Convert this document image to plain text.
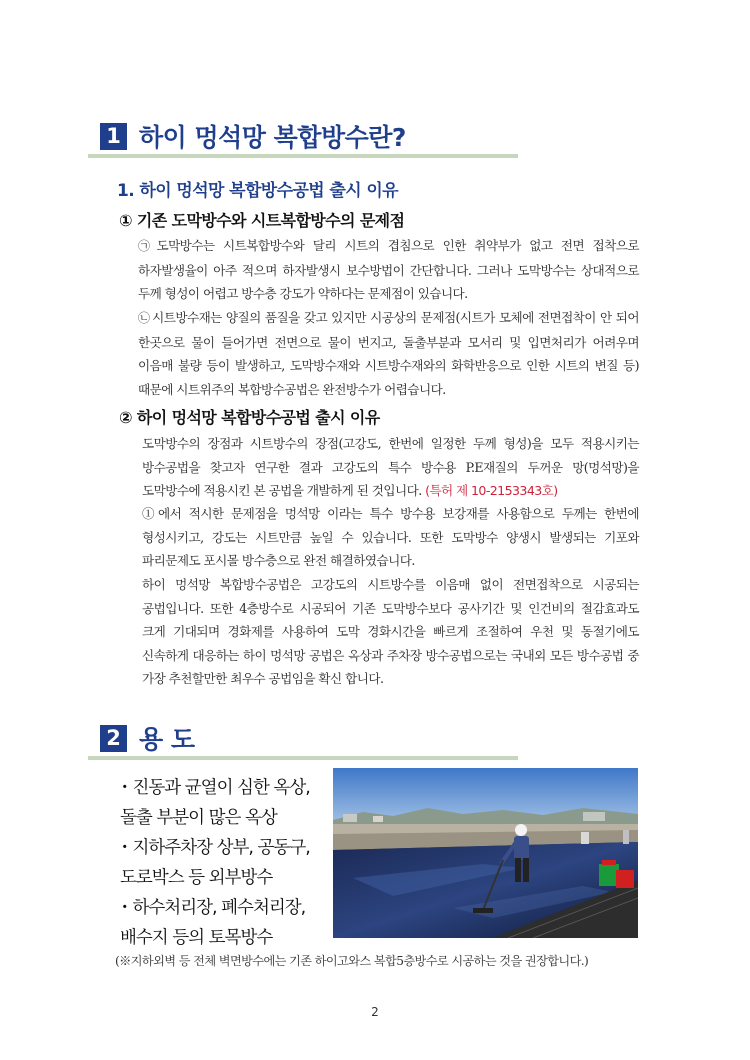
1 하이 멍석망 복합방수란?
1. 하이 멍석망 복합방수공법 출시 이유
① 기존 도막방수와 시트복합방수의 문제점
㉠ 도막방수는 시트복합방수와 달리 시트의 겹침으로 인한 취약부가 없고 전면 접착으로 하자발생율이 아주 적으며 하자발생시 보수방법이 간단합니다. 그러나 도막방수는 상대적으로 두께 형성이 어렵고 방수층 강도가 약하다는 문제점이 있습니다.
㉡ 시트방수재는 양질의 품질을 갖고 있지만 시공상의 문제점(시트가 모체에 전면접착이 안 되어 한곳으로 물이 들어가면 전면으로 물이 번지고, 돌출부분과 모서리 및 입면처리가 어려우며 이음매 불량 등이 발생하고, 도막방수재와 시트방수재와의 화학반응으로 인한 시트의 변질 등)때문에 시트위주의 복합방수공법은 완전방수가 어렵습니다.
② 하이 멍석망 복합방수공법 출시 이유
도막방수의 장점과 시트방수의 장점(고강도, 한번에 일정한 두께 형성)을 모두 적용시키는 방수공법을 찾고자 연구한 결과 고강도의 특수 방수용 P.E재질의 두꺼운 망(멍석망)을 도막방수에 적용시킨 본 공법을 개발하게 된 것입니다. (특허 제 10-2153343호)
①에서 적시한 문제점을 멍석망 이라는 특수 방수용 보강재를 사용함으로 두께는 한번에 형성시키고, 강도는 시트만큼 높일 수 있습니다. 또한 도막방수 양생시 발생되는 기포와 파리문제도 포시몰 방수층으로 완전 해결하였습니다.
하이 멍석망 복합방수공법은 고강도의 시트방수를 이음매 없이 전면접착으로 시공되는 공법입니다. 또한 4층방수로 시공되어 기존 도막방수보다 공사기간 및 인건비의 절감효과도 크게 기대되며 경화제를 사용하여 도막 경화시간을 빠르게 조절하여 우천 및 동절기에도 신속하게 대응하는 하이 멍석망 공법은 옥상과 주차장 방수공법으로는 국내외 모든 방수공법 중 가장 추천할만한 최우수 공법임을 확신 합니다.
2 용 도
・진동과 균열이 심한 옥상,
돌출 부분이 많은 옥상
・지하주차장 상부, 공동구,
도로박스 등 외부방수
・하수처리장, 폐수처리장,
배수지 등의 토목방수
(※지하외벽 등 전체 벽면방수에는 기존 하이고와스 복합5층방수로 시공하는 것을 권장합니다.)
2
